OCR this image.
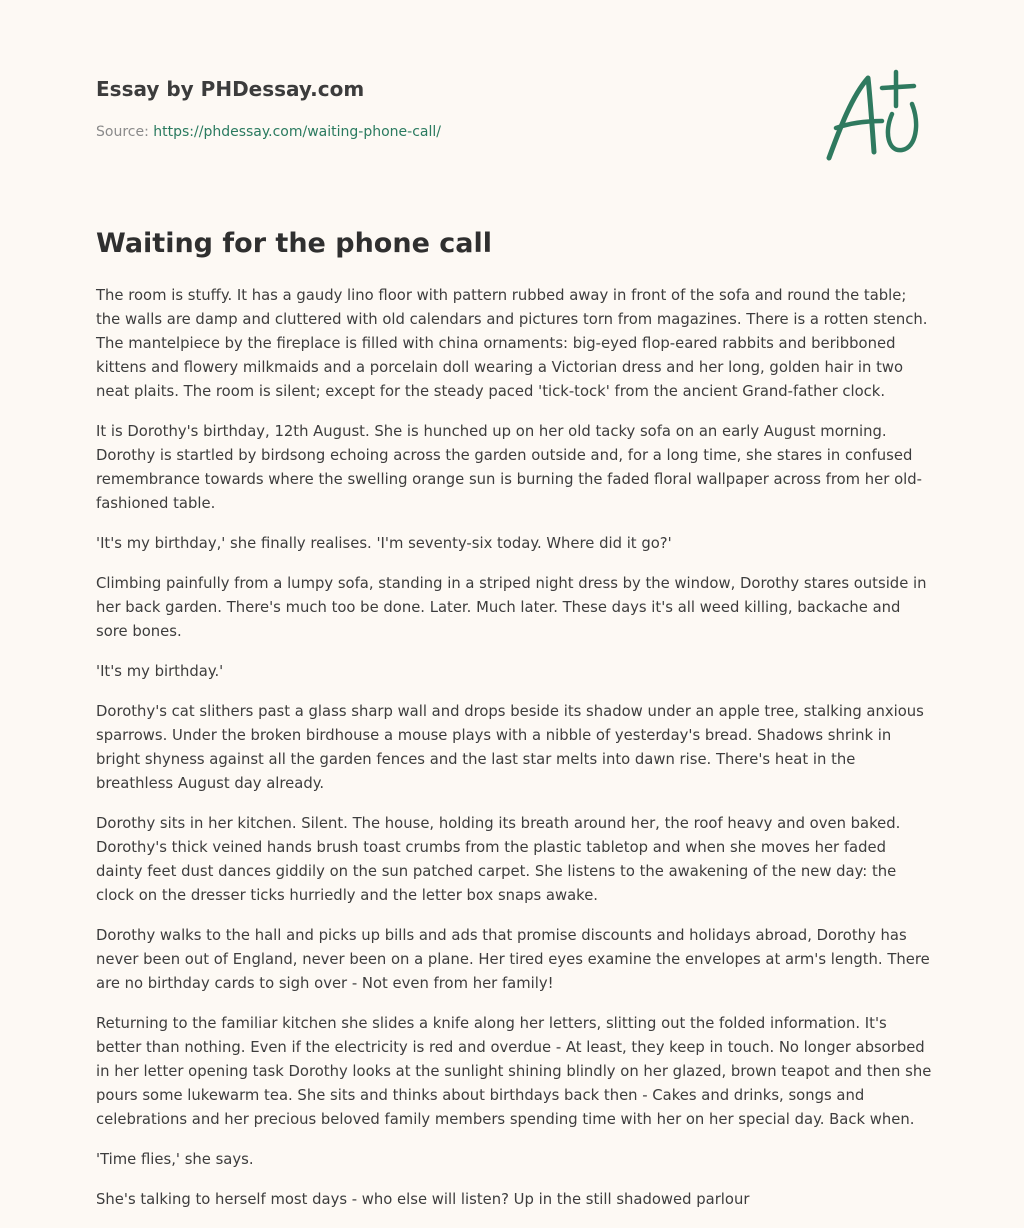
Essay by PHDessay.com
Source: https://phdessay.com/waiting-phone-call/
Waiting for the phone call

The room is stuffy. It has a gaudy lino floor with pattern rubbed away in front of the sofa and round the table; the walls are damp and cluttered with old calendars and pictures torn from magazines. There is a rotten stench. The mantelpiece by the fireplace is filled with china ornaments: big-eyed flop-eared rabbits and beribboned kittens and flowery milkmaids and a porcelain doll wearing a Victorian dress and her long, golden hair in two neat plaits. The room is silent; except for the steady paced 'tick-tock' from the ancient Grand-father clock.

It is Dorothy's birthday, 12th August. She is hunched up on her old tacky sofa on an early August morning. Dorothy is startled by birdsong echoing across the garden outside and, for a long time, she stares in confused remembrance towards where the swelling orange sun is burning the faded floral wallpaper across from her old-fashioned table.

'It's my birthday,' she finally realises. 'I'm seventy-six today. Where did it go?'

Climbing painfully from a lumpy sofa, standing in a striped night dress by the window, Dorothy stares outside in her back garden. There's much too be done. Later. Much later. These days it's all weed killing, backache and sore bones.

'It's my birthday.'

Dorothy's cat slithers past a glass sharp wall and drops beside its shadow under an apple tree, stalking anxious sparrows. Under the broken birdhouse a mouse plays with a nibble of yesterday's bread. Shadows shrink in bright shyness against all the garden fences and the last star melts into dawn rise. There's heat in the breathless August day already.

Dorothy sits in her kitchen. Silent. The house, holding its breath around her, the roof heavy and oven baked. Dorothy's thick veined hands brush toast crumbs from the plastic tabletop and when she moves her faded dainty feet dust dances giddily on the sun patched carpet. She listens to the awakening of the new day: the clock on the dresser ticks hurriedly and the letter box snaps awake.

Dorothy walks to the hall and picks up bills and ads that promise discounts and holidays abroad, Dorothy has never been out of England, never been on a plane. Her tired eyes examine the envelopes at arm's length. There are no birthday cards to sigh over - Not even from her family!

Returning to the familiar kitchen she slides a knife along her letters, slitting out the folded information. It's better than nothing. Even if the electricity is red and overdue - At least, they keep in touch. No longer absorbed in her letter opening task Dorothy looks at the sunlight shining blindly on her glazed, brown teapot and then she pours some lukewarm tea. She sits and thinks about birthdays back then - Cakes and drinks, songs and celebrations and her precious beloved family members spending time with her on her special day. Back when.

'Time flies,' she says.

She's talking to herself most days - who else will listen? Up in the still shadowed parlour
